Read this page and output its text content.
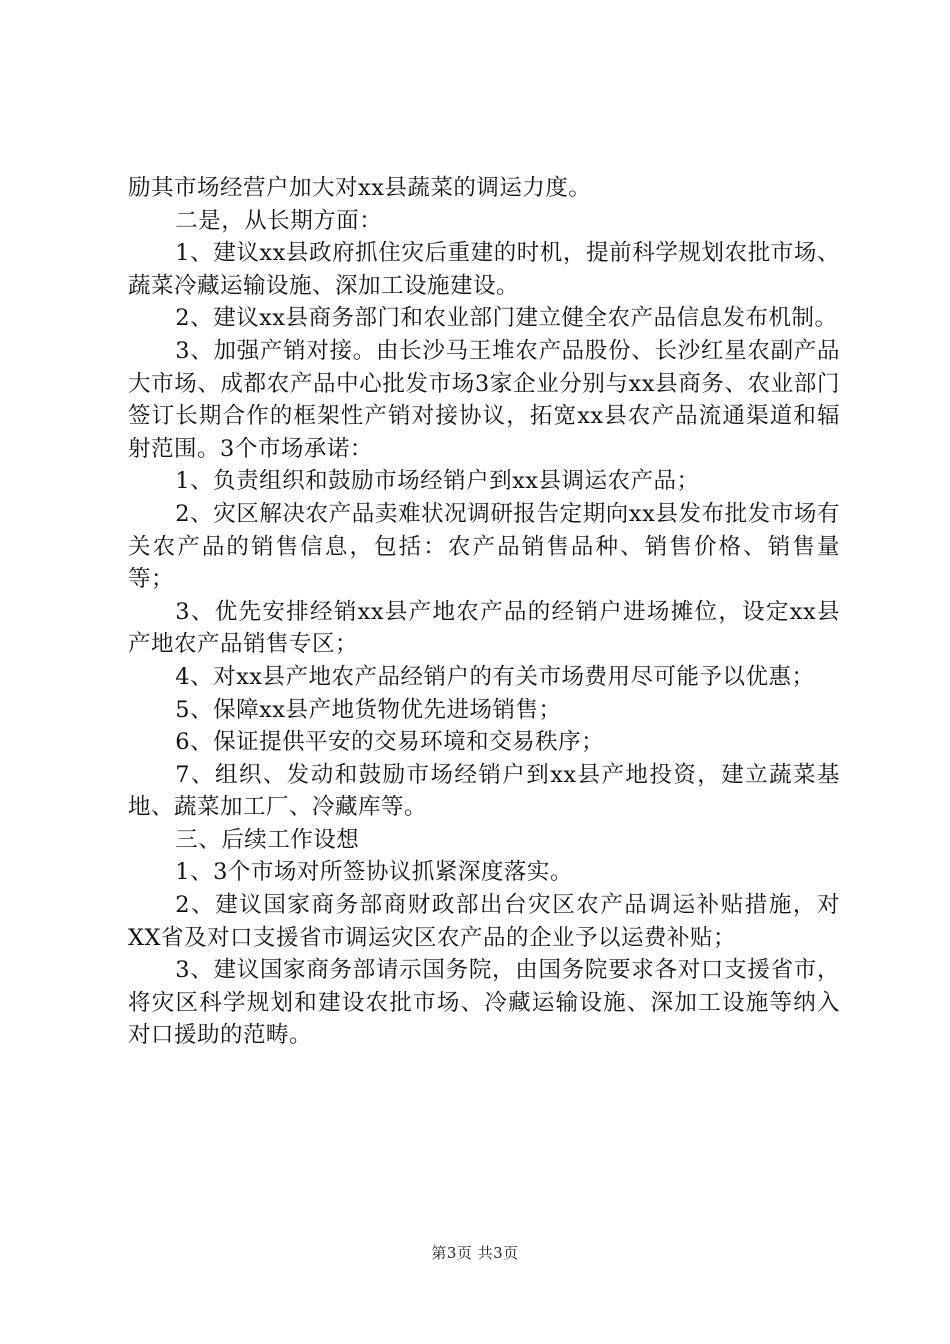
励其市场经营户加大对xx县蔬菜的调运力度。

二是，从长期方面：

1、建议xx县政府抓住灾后重建的时机，提前科学规划农批市场、蔬菜冷藏运输设施、深加工设施建设。

2、建议xx县商务部门和农业部门建立健全农产品信息发布机制。

3、加强产销对接。由长沙马王堆农产品股份、长沙红星农副产品大市场、成都农产品中心批发市场3家企业分别与xx县商务、农业部门签订长期合作的框架性产销对接协议，拓宽xx县农产品流通渠道和辐射范围。3个市场承诺：

1、负责组织和鼓励市场经销户到xx县调运农产品；

2、灾区解决农产品卖难状况调研报告定期向xx县发布批发市场有关农产品的销售信息，包括：农产品销售品种、销售价格、销售量等；

3、优先安排经销xx县产地农产品的经销户进场摊位，设定xx县产地农产品销售专区；

4、对xx县产地农产品经销户的有关市场费用尽可能予以优惠；

5、保障xx县产地货物优先进场销售；

6、保证提供平安的交易环境和交易秩序；

7、组织、发动和鼓励市场经销户到xx县产地投资，建立蔬菜基地、蔬菜加工厂、冷藏库等。

三、后续工作设想

1、3个市场对所签协议抓紧深度落实。

2、建议国家商务部商财政部出台灾区农产品调运补贴措施，对XX省及对口支援省市调运灾区农产品的企业予以运费补贴；

3、建议国家商务部请示国务院，由国务院要求各对口支援省市，将灾区科学规划和建设农批市场、冷藏运输设施、深加工设施等纳入对口援助的范畴。

第3页 共3页
